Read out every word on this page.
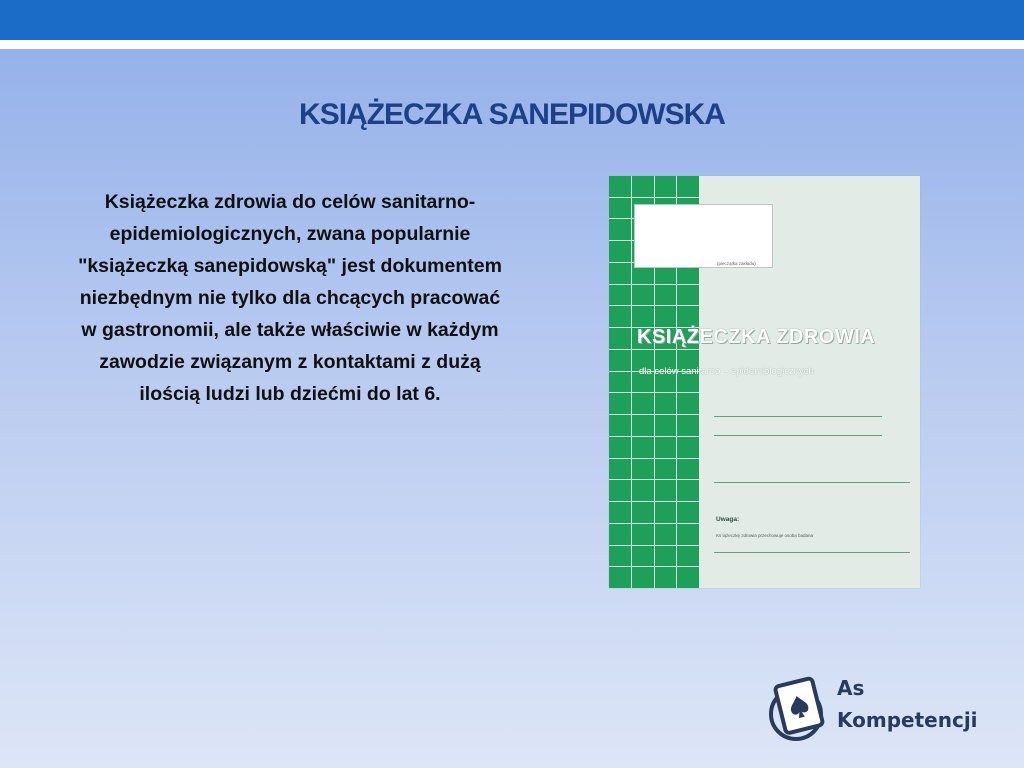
KSIĄŻECZKA SANEPIDOWSKA

Książeczka zdrowia do celów sanitarno-epidemiologicznych, zwana popularnie "książeczką sanepidowską" jest dokumentem niezbędnym nie tylko dla chcących pracować w gastronomii, ale także właściwie w każdym zawodzie związanym z kontaktami z dużą ilością ludzi lub dziećmi do lat 6.

(pieczątka zakładu)
KSIĄŻECZKA ZDROWIA
dla celów sanitarno – epidemiologicznych
Uwaga:
Ks iążeczkę zdrowia przechowuje osoba badana
As
Kompetencji
